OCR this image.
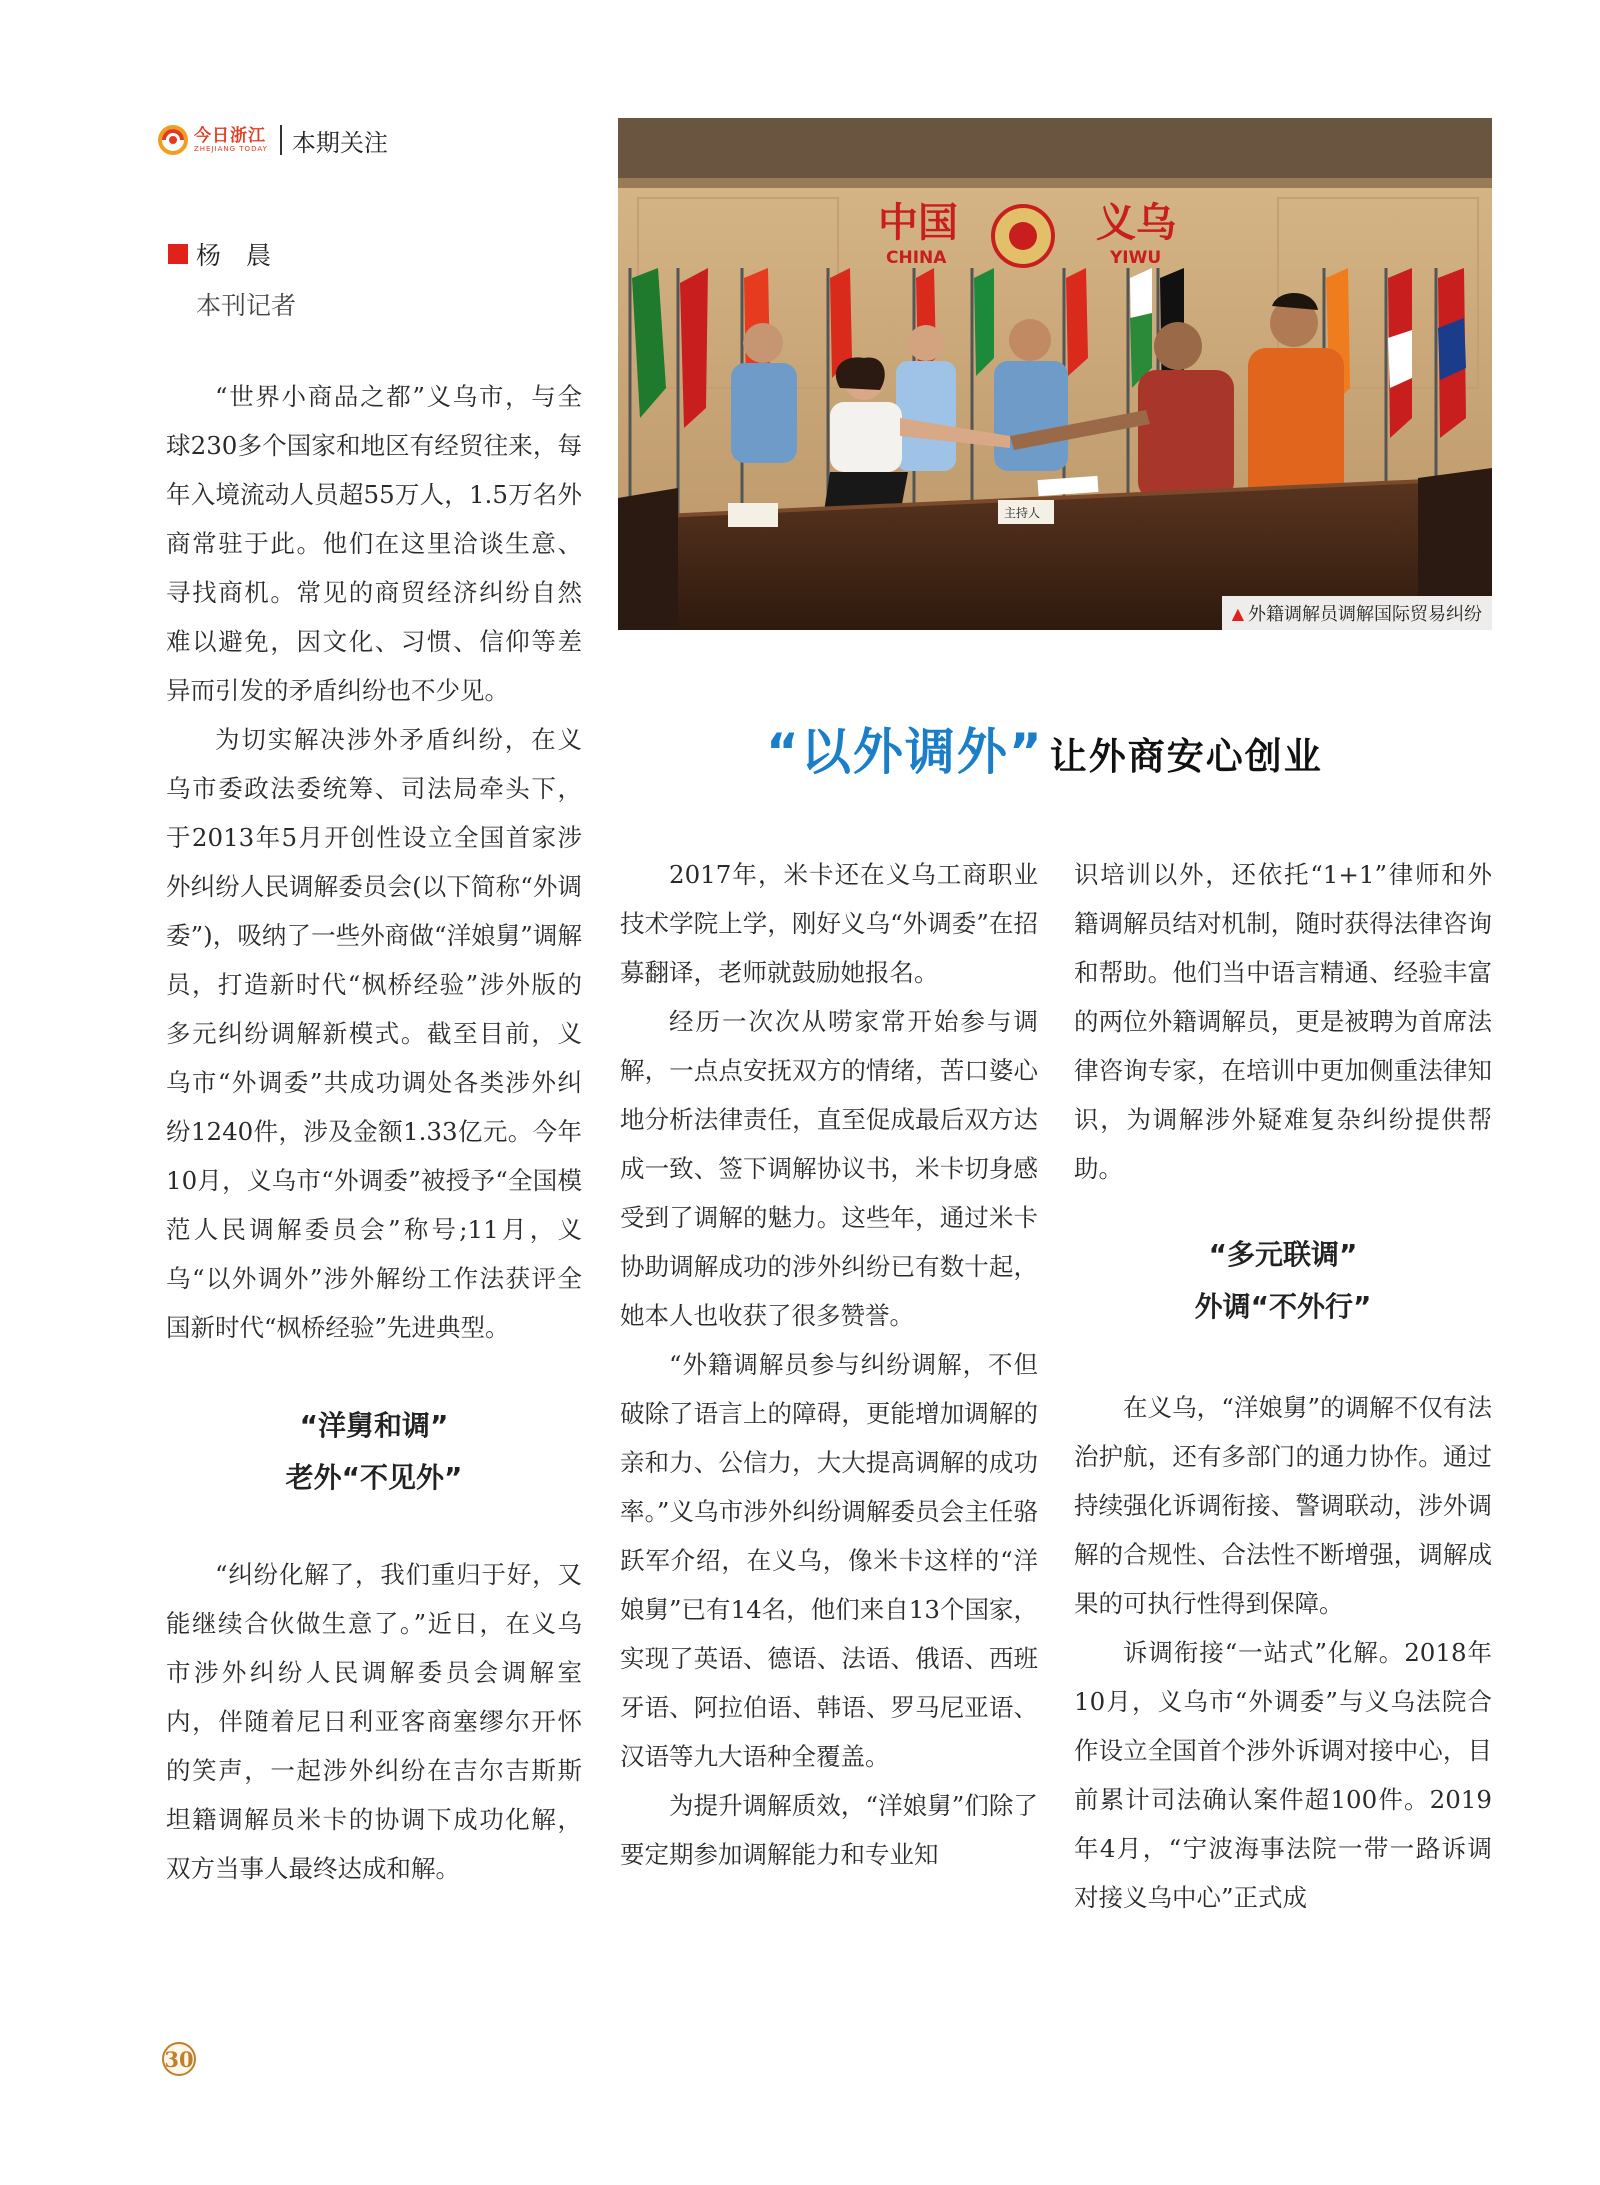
今日浙江
ZHEJIANG TODAY 本期关注
杨　晨
本刊记者
中国
CHINA
义乌
YIWU
主持人
▲ 外籍调解员调解国际贸易纠纷
“以外调外” 让外商安心创业

“世界小商品之都”义乌市，与全球230多个国家和地区有经贸往来，每年入境流动人员超55万人，1.5万名外商常驻于此。他们在这里洽谈生意、寻找商机。常见的商贸经济纠纷自然难以避免，因文化、习惯、信仰等差异而引发的矛盾纠纷也不少见。

为切实解决涉外矛盾纠纷，在义乌市委政法委统筹、司法局牵头下，于2013年5月开创性设立全国首家涉外纠纷人民调解委员会(以下简称“外调委”)，吸纳了一些外商做“洋娘舅”调解员，打造新时代“枫桥经验”涉外版的多元纠纷调解新模式。截至目前，义乌市“外调委”共成功调处各类涉外纠纷1240件，涉及金额1.33亿元。今年10月，义乌市“外调委”被授予“全国模范人民调解委员会”称号;11月，义乌“以外调外”涉外解纷工作法获评全国新时代“枫桥经验”先进典型。

“洋舅和调”
老外“不见外”

“纠纷化解了，我们重归于好，又能继续合伙做生意了。”近日，在义乌市涉外纠纷人民调解委员会调解室内，伴随着尼日利亚客商塞缪尔开怀的笑声，一起涉外纠纷在吉尔吉斯斯坦籍调解员米卡的协调下成功化解，双方当事人最终达成和解。

2017年，米卡还在义乌工商职业技术学院上学，刚好义乌“外调委”在招募翻译，老师就鼓励她报名。

经历一次次从唠家常开始参与调解，一点点安抚双方的情绪，苦口婆心地分析法律责任，直至促成最后双方达成一致、签下调解协议书，米卡切身感受到了调解的魅力。这些年，通过米卡协助调解成功的涉外纠纷已有数十起，她本人也收获了很多赞誉。

“外籍调解员参与纠纷调解，不但破除了语言上的障碍，更能增加调解的亲和力、公信力，大大提高调解的成功率。”义乌市涉外纠纷调解委员会主任骆跃军介绍，在义乌，像米卡这样的“洋娘舅”已有14名，他们来自13个国家，实现了英语、德语、法语、俄语、西班牙语、阿拉伯语、韩语、罗马尼亚语、汉语等九大语种全覆盖。

为提升调解质效，“洋娘舅”们除了要定期参加调解能力和专业知

识培训以外，还依托“1+1”律师和外籍调解员结对机制，随时获得法律咨询和帮助。他们当中语言精通、经验丰富的两位外籍调解员，更是被聘为首席法律咨询专家，在培训中更加侧重法律知识，为调解涉外疑难复杂纠纷提供帮助。

“多元联调”
外调“不外行”

在义乌，“洋娘舅”的调解不仅有法治护航，还有多部门的通力协作。通过持续强化诉调衔接、警调联动，涉外调解的合规性、合法性不断增强，调解成果的可执行性得到保障。

诉调衔接“一站式”化解。2018年10月，义乌市“外调委”与义乌法院合作设立全国首个涉外诉调对接中心，目前累计司法确认案件超100件。2019年4月，“宁波海事法院一带一路诉调对接义乌中心”正式成

30
